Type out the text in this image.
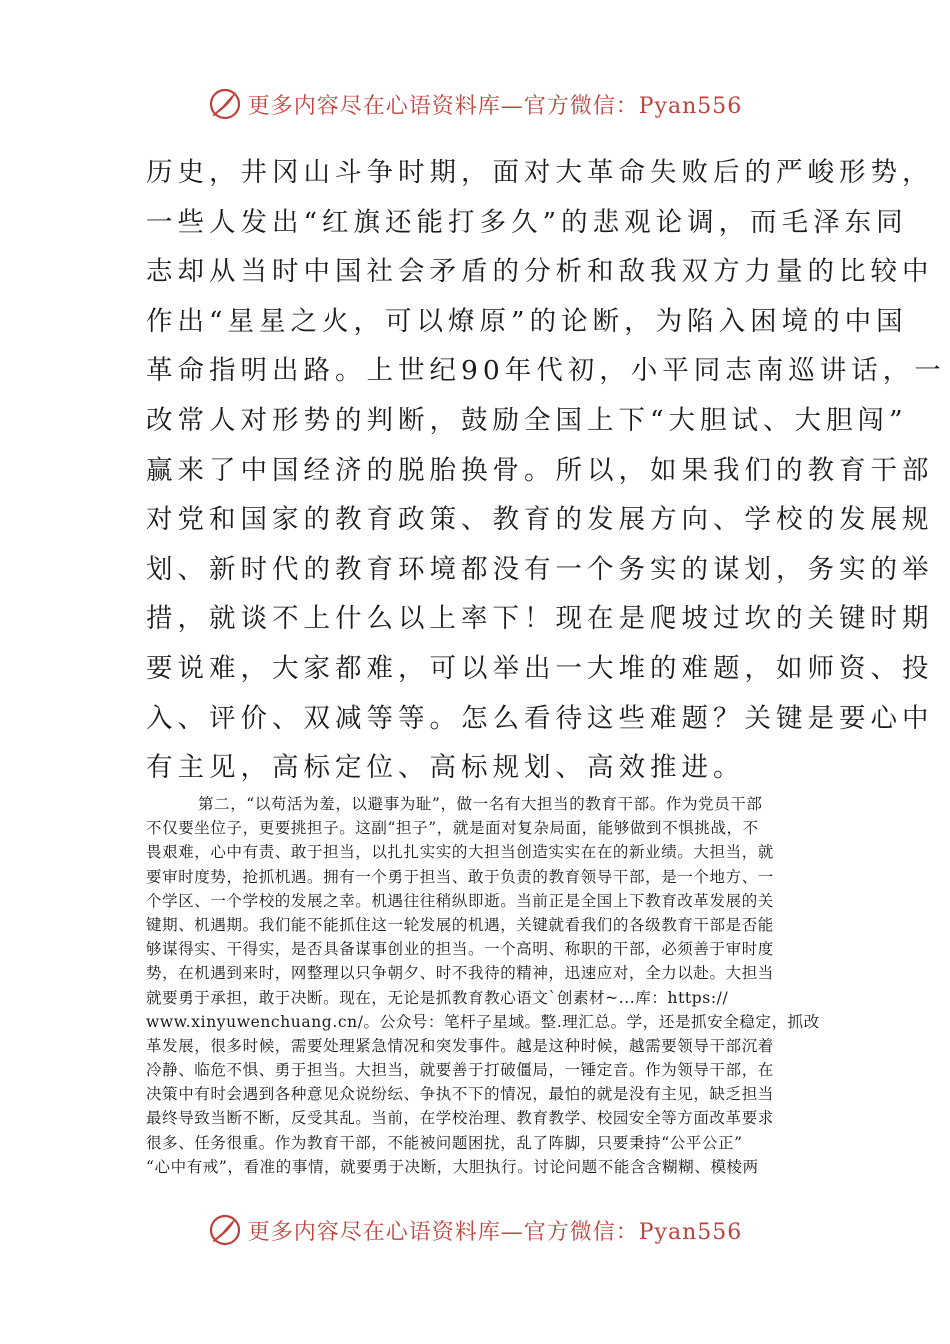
更多内容尽在心语资料库—官方微信：Pyan556
历史，井冈山斗争时期，面对大革命失败后的严峻形势，
一些人发出“红旗还能打多久”的悲观论调，而毛泽东同
志却从当时中国社会矛盾的分析和敌我双方力量的比较中
作出“星星之火，可以燎原”的论断，为陷入困境的中国
革命指明出路。上世纪90年代初，小平同志南巡讲话，一
改常人对形势的判断，鼓励全国上下“大胆试、大胆闯”
赢来了中国经济的脱胎换骨。所以，如果我们的教育干部
对党和国家的教育政策、教育的发展方向、学校的发展规
划、新时代的教育环境都没有一个务实的谋划，务实的举
措，就谈不上什么以上率下！现在是爬坡过坎的关键时期
要说难，大家都难，可以举出一大堆的难题，如师资、投
入、评价、双减等等。怎么看待这些难题？关键是要心中
有主见，高标定位、高标规划、高效推进。
第二，“以苟活为羞，以避事为耻”，做一名有大担当的教育干部。作为党员干部
不仅要坐位子，更要挑担子。这副“担子”，就是面对复杂局面，能够做到不惧挑战，不
畏艰难，心中有责、敢于担当，以扎扎实实的大担当创造实实在在的新业绩。大担当，就
要审时度势，抢抓机遇。拥有一个勇于担当、敢于负责的教育领导干部，是一个地方、一
个学区、一个学校的发展之幸。机遇往往稍纵即逝。当前正是全国上下教育改革发展的关
键期、机遇期。我们能不能抓住这一轮发展的机遇，关键就看我们的各级教育干部是否能
够谋得实、干得实，是否具备谋事创业的担当。一个高明、称职的干部，必须善于审时度
势，在机遇到来时，网整理以只争朝夕、时不我待的精神，迅速应对，全力以赴。大担当
就要勇于承担，敢于决断。现在，无论是抓教育教心语文`创素材~...库：https://
www.xinyuwenchuang.cn/。公众号：笔杆子星域。整.理汇总。学，还是抓安全稳定，抓改
革发展，很多时候，需要处理紧急情况和突发事件。越是这种时候，越需要领导干部沉着
冷静、临危不惧、勇于担当。大担当，就要善于打破僵局，一锤定音。作为领导干部，在
决策中有时会遇到各种意见众说纷纭、争执不下的情况，最怕的就是没有主见，缺乏担当
最终导致当断不断，反受其乱。当前，在学校治理、教育教学、校园安全等方面改革要求
很多、任务很重。作为教育干部，不能被问题困扰，乱了阵脚，只要秉持“公平公正”
“心中有戒”，看准的事情，就要勇于决断，大胆执行。讨论问题不能含含糊糊、模棱两
更多内容尽在心语资料库—官方微信：Pyan556
